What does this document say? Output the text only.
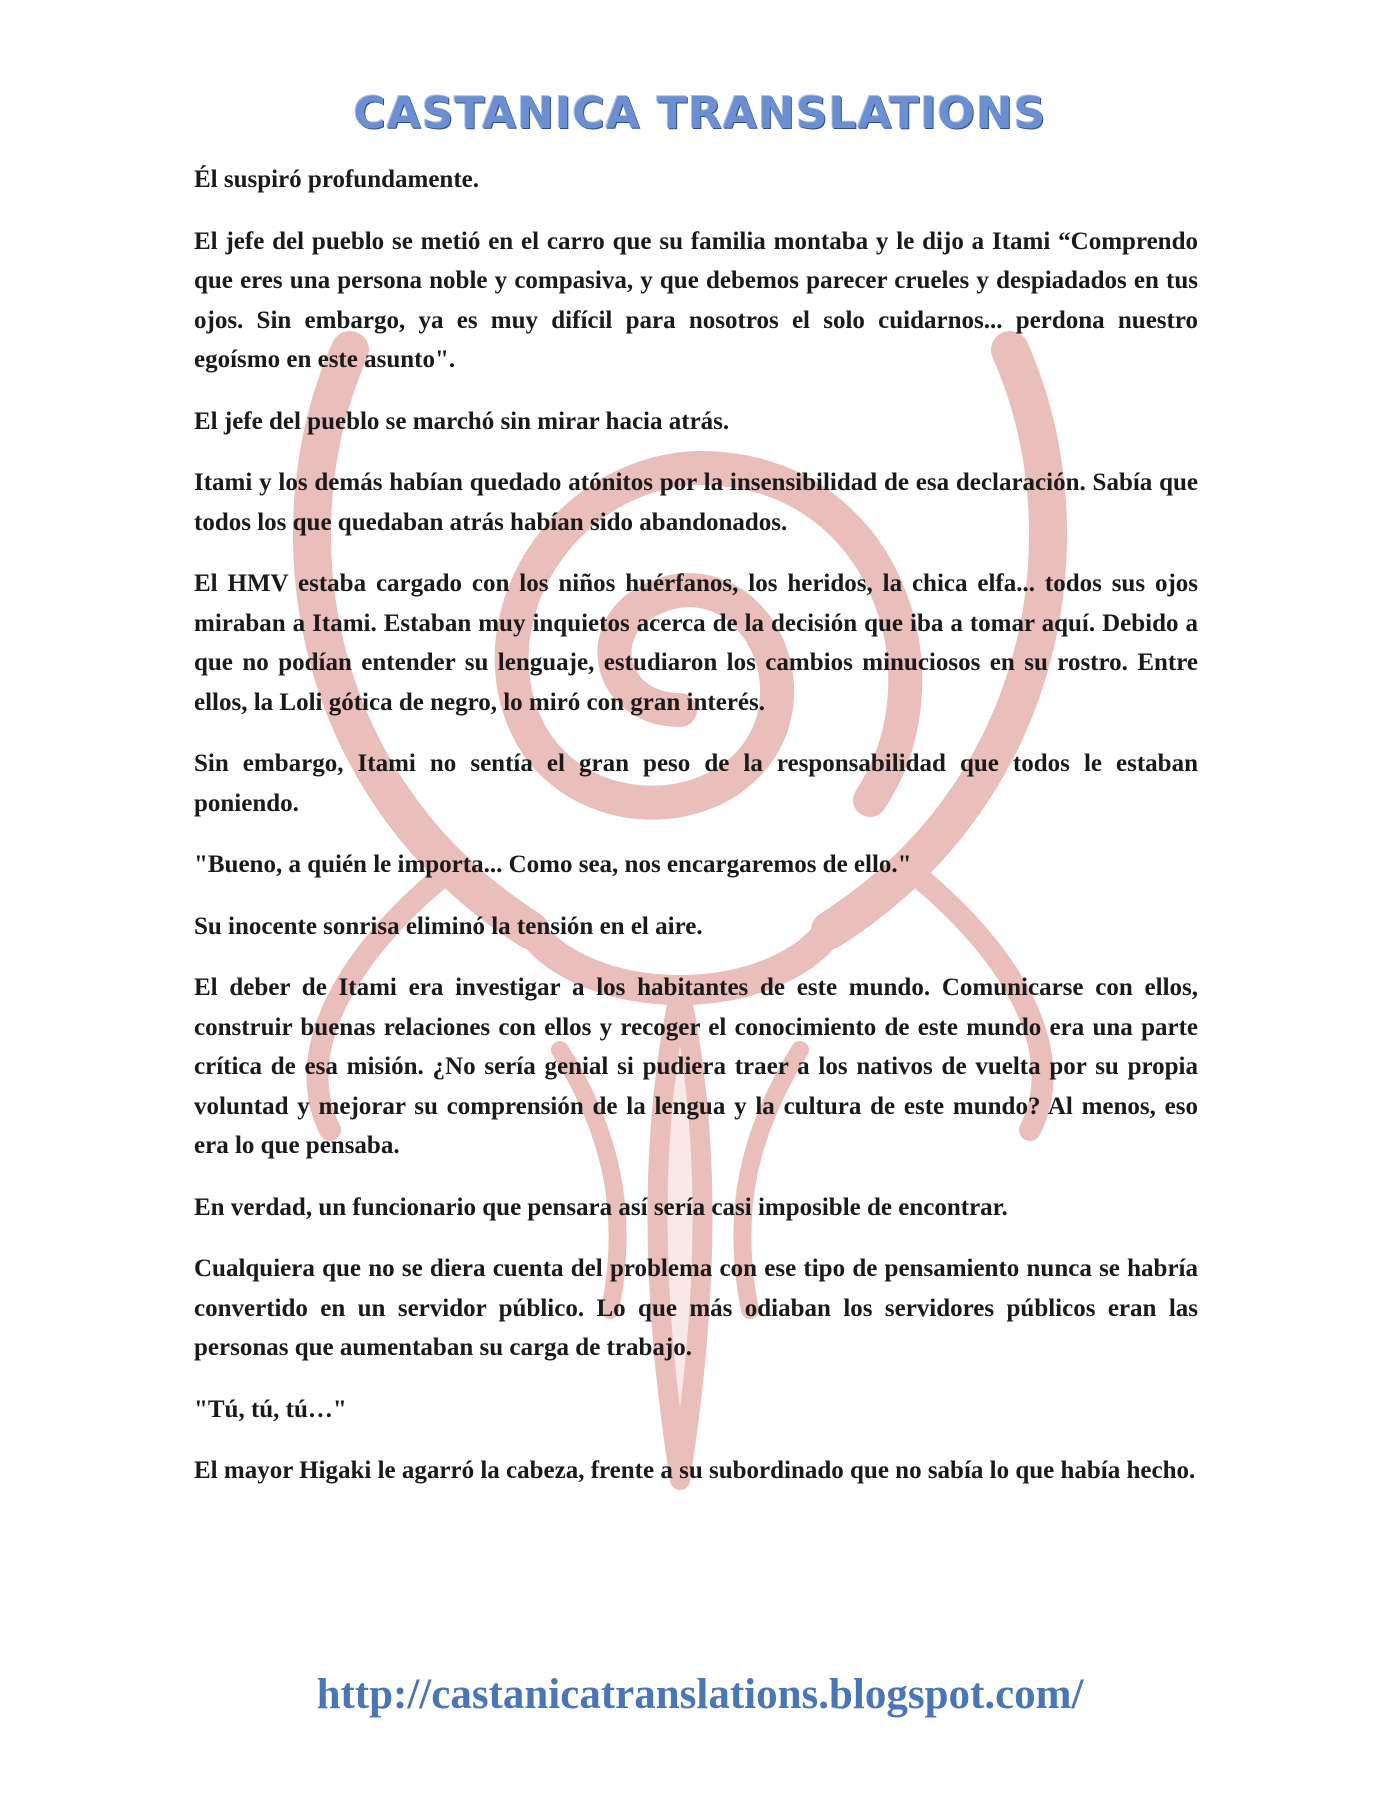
CASTANICA TRANSLATIONS

Él suspiró profundamente.

El jefe del pueblo se metió en el carro que su familia montaba y le dijo a Itami “Comprendo que eres una persona noble y compasiva, y que debemos parecer crueles y despiadados en tus ojos. Sin embargo, ya es muy difícil para nosotros el solo cuidarnos... perdona nuestro egoísmo en este asunto".

El jefe del pueblo se marchó sin mirar hacia atrás.

Itami y los demás habían quedado atónitos por la insensibilidad de esa declaración. Sabía que todos los que quedaban atrás habían sido abandonados.

El HMV estaba cargado con los niños huérfanos, los heridos, la chica elfa... todos sus ojos miraban a Itami. Estaban muy inquietos acerca de la decisión que iba a tomar aquí. Debido a que no podían entender su lenguaje, estudiaron los cambios minuciosos en su rostro. Entre ellos, la Loli gótica de negro, lo miró con gran interés.

Sin embargo, Itami no sentía el gran peso de la responsabilidad que todos le estaban poniendo.

"Bueno, a quién le importa... Como sea, nos encargaremos de ello."

Su inocente sonrisa eliminó la tensión en el aire.

El deber de Itami era investigar a los habitantes de este mundo. Comunicarse con ellos, construir buenas relaciones con ellos y recoger el conocimiento de este mundo era una parte crítica de esa misión. ¿No sería genial si pudiera traer a los nativos de vuelta por su propia voluntad y mejorar su comprensión de la lengua y la cultura de este mundo? Al menos, eso era lo que pensaba.

En verdad, un funcionario que pensara así sería casi imposible de encontrar.

Cualquiera que no se diera cuenta del problema con ese tipo de pensamiento nunca se habría convertido en un servidor público. Lo que más odiaban los servidores públicos eran las personas que aumentaban su carga de trabajo.

"Tú, tú, tú…"

El mayor Higaki le agarró la cabeza, frente a su subordinado que no sabía lo que había hecho.

http://castanicatranslations.blogspot.com/
